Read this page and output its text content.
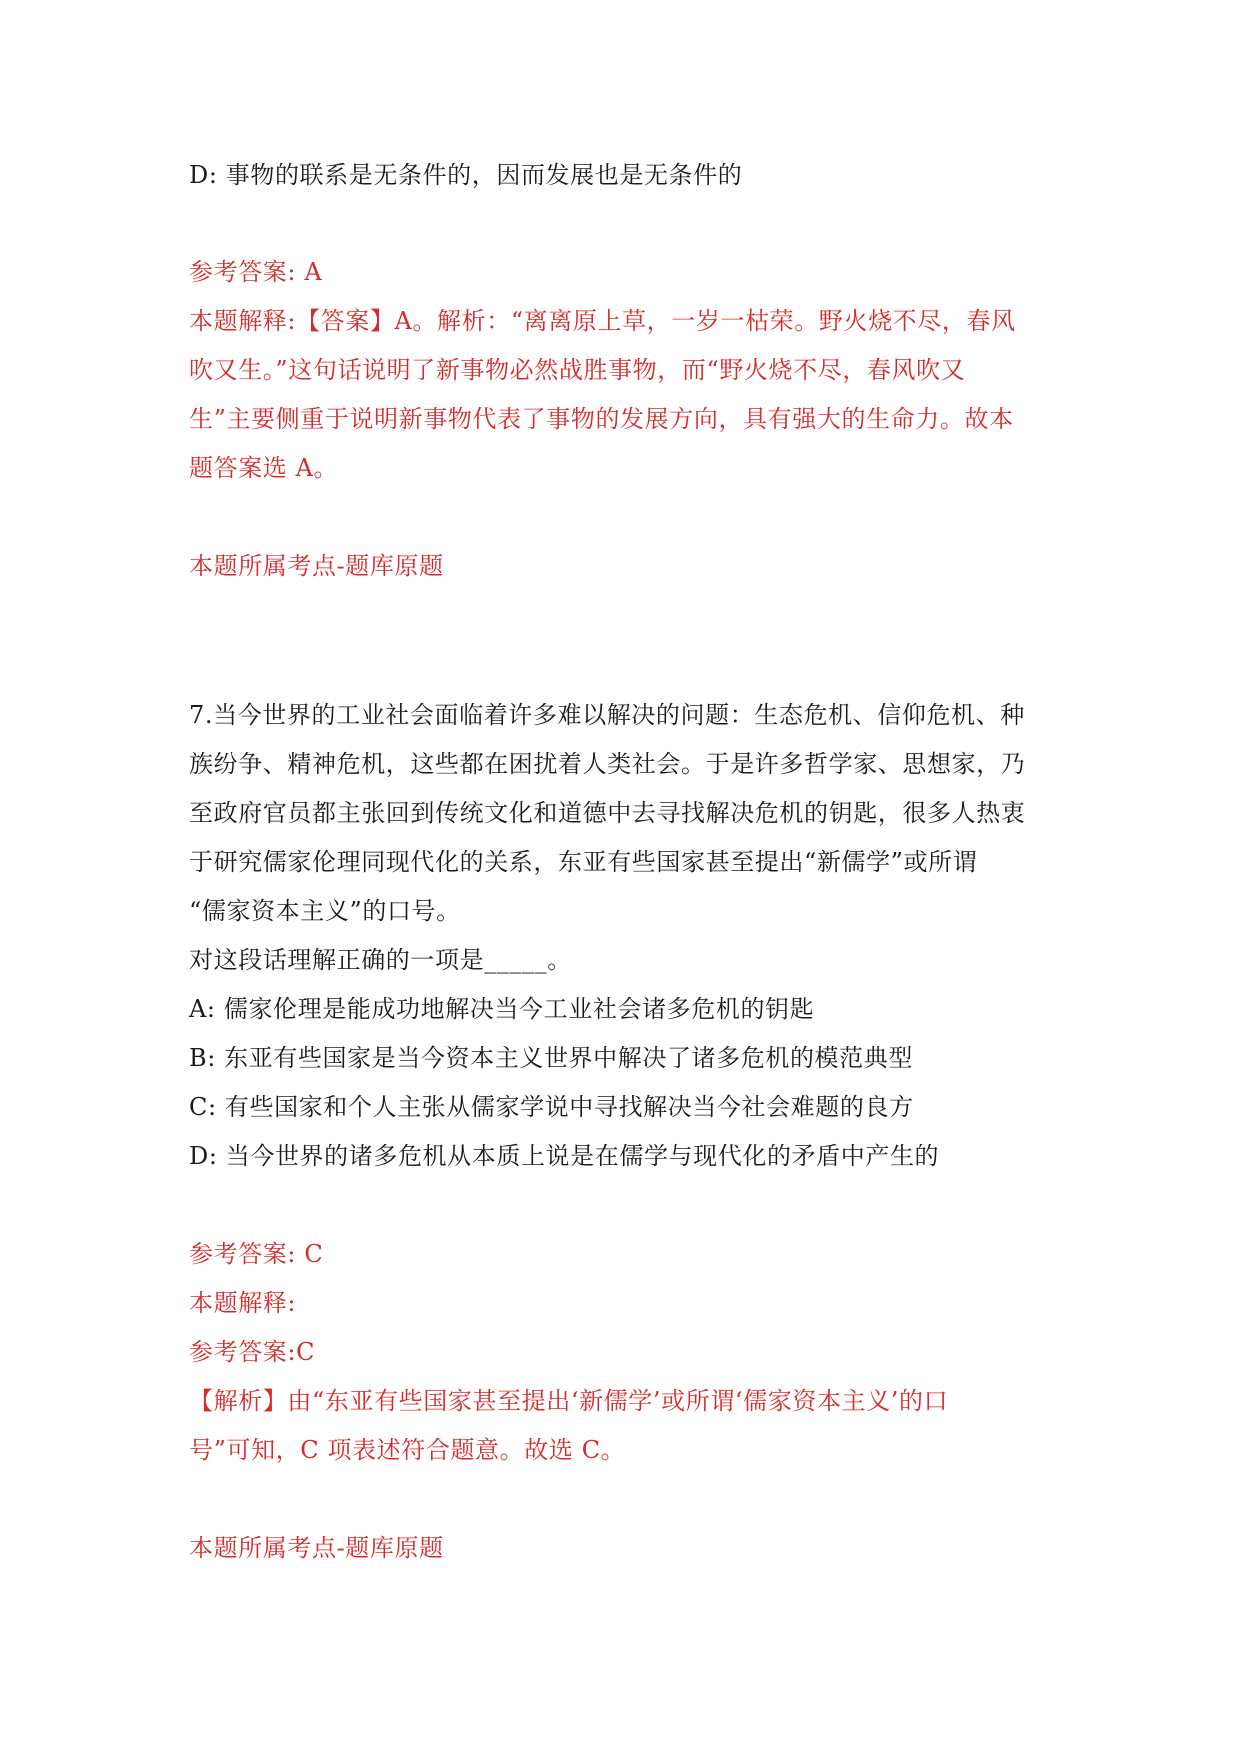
D: 事物的联系是无条件的，因而发展也是无条件的
参考答案: A
本题解释:【答案】A。解析：“离离原上草，一岁一枯荣。野火烧不尽，春风
吹又生。”这句话说明了新事物必然战胜事物，而“野火烧不尽，春风吹又
生”主要侧重于说明新事物代表了事物的发展方向，具有强大的生命力。故本
题答案选 A。
本题所属考点-题库原题
7.当今世界的工业社会面临着许多难以解决的问题：生态危机、信仰危机、种
族纷争、精神危机，这些都在困扰着人类社会。于是许多哲学家、思想家，乃
至政府官员都主张回到传统文化和道德中去寻找解决危机的钥匙，很多人热衷
于研究儒家伦理同现代化的关系，东亚有些国家甚至提出“新儒学”或所谓
“儒家资本主义”的口号。
对这段话理解正确的一项是_____。
A: 儒家伦理是能成功地解决当今工业社会诸多危机的钥匙
B: 东亚有些国家是当今资本主义世界中解决了诸多危机的模范典型
C: 有些国家和个人主张从儒家学说中寻找解决当今社会难题的良方
D: 当今世界的诸多危机从本质上说是在儒学与现代化的矛盾中产生的
参考答案: C
本题解释:
参考答案:C
【解析】由“东亚有些国家甚至提出‘新儒学’或所谓‘儒家资本主义’的口
号”可知，C 项表述符合题意。故选 C。
本题所属考点-题库原题
